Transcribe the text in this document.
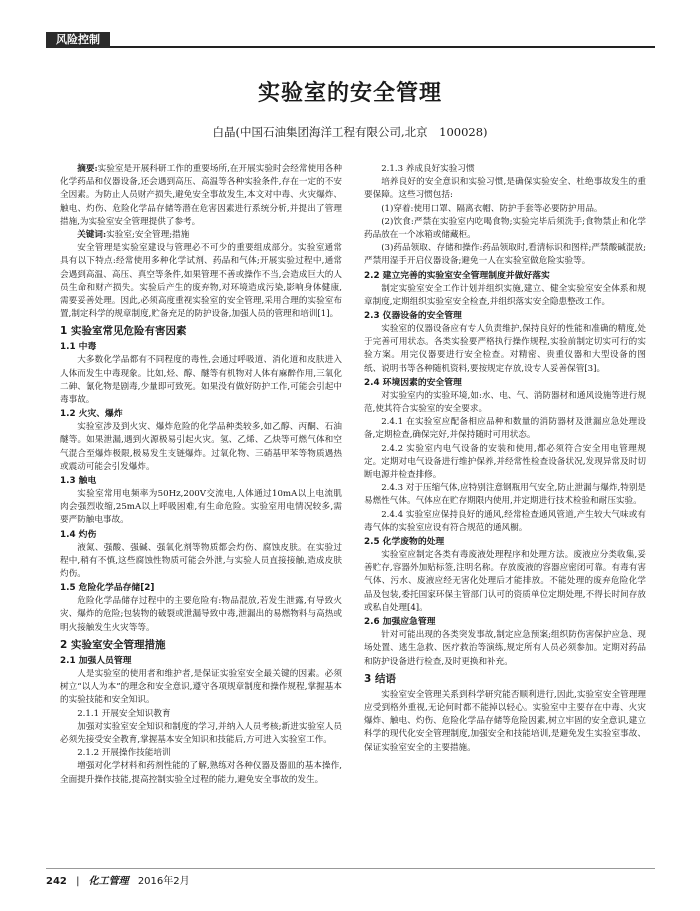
风险控制
实验室的安全管理
白晶(中国石油集团海洋工程有限公司,北京　100028)

摘要:实验室是开展科研工作的重要场所,在开展实验时会经常使用各种化学药品和仪器设备,还会遇到高压、高温等各种实验条件,存在一定的不安全因素。为防止人员财产损失,避免安全事故发生,本文对中毒、火灾爆炸、触电、灼伤、危险化学品存储等潜在危害因素进行系统分析,并提出了管理措施,为实验室安全管理提供了参考。

关键词:实验室;安全管理;措施

安全管理是实验室建设与管理必不可少的重要组成部分。实验室通常具有以下特点:经常使用多种化学试剂、药品和气体;开展实验过程中,通常会遇到高温、高压、真空等条件,如果管理不善或操作不当,会造成巨大的人员生命和财产损失。实验后产生的废弃物,对环境造成污染,影响身体健康,需要妥善处理。因此,必须高度重视实验室的安全管理,采用合理的实验室布置,制定科学的规章制度,贮备充足的防护设备,加强人员的管理和培训[1]。

1 实验室常见危险有害因素
1.1 中毒

大多数化学品都有不同程度的毒性,会通过呼吸道、消化道和皮肤进入人体而发生中毒现象。比如,烃、醇、醚等有机物对人体有麻醉作用,三氧化二砷、氰化物是剧毒,少量即可致死。如果没有做好防护工作,可能会引起中毒事故。

1.2 火灾、爆炸

实验室涉及到火灾、爆炸危险的化学品种类较多,如乙醇、丙酮、石油醚等。如果泄漏,遇到火源极易引起火灾。氢、乙烯、乙炔等可燃气体和空气混合至爆炸极限,极易发生支链爆炸。过氧化物、三硝基甲苯等物质遇热或震动可能会引发爆炸。

1.3 触电

实验室常用电频率为50Hz,200V交流电,人体通过10mA以上电流肌肉会强烈收缩,25mA以上呼吸困难,有生命危险。实验室用电情况较多,需要严防触电事故。

1.4 灼伤

液氮、强酸、强碱、强氧化剂等物质都会灼伤、腐蚀皮肤。在实验过程中,稍有不慎,这些腐蚀性物质可能会外泄,与实验人员直接接触,造成皮肤灼伤。

1.5 危险化学品存储[2]

危险化学品储存过程中的主要危险有:物品混放,若发生泄露,有导致火灾、爆炸的危险;包装物的破裂或泄漏导致中毒,泄漏出的易燃物料与高热或明火接触发生火灾等等。

2 实验室安全管理措施
2.1 加强人员管理

人是实验室的使用者和维护者,是保证实验室安全最关键的因素。必须树立“以人为本”的理念和安全意识,遵守各项规章制度和操作规程,掌握基本的实验技能和安全知识。

2.1.1 开展安全知识教育

加强对实验室安全知识和制度的学习,并纳入人员考核;新进实验室人员必须先接受安全教育,掌握基本安全知识和技能后,方可进入实验室工作。

2.1.2 开展操作技能培训

增强对化学材料和药剂性能的了解,熟练对各种仪器及器皿的基本操作,全面提升操作技能,提高控制实验全过程的能力,避免安全事故的发生。

2.1.3 养成良好实验习惯

培养良好的安全意识和实验习惯,是确保实验安全、杜绝事故发生的重要保障。这些习惯包括:

(1)穿着:使用口罩、隔离衣帽、防护手套等必要防护用品。

(2)饮食:严禁在实验室内吃喝食物;实验完毕后须洗手;食物禁止和化学药品放在一个冰箱或储藏柜。

(3)药品领取、存储和操作:药品领取时,看清标识和图样;严禁酸碱混放;严禁用湿手开启仪器设备;避免一人在实验室做危险实验等。

2.2 建立完善的实验室安全管理制度并做好落实

制定实验室安全工作计划并组织实施,建立、健全实验室安全体系和规章制度,定期组织实验室安全检查,并组织落实安全隐患整改工作。

2.3 仪器设备的安全管理

实验室的仪器设备应有专人负责维护,保持良好的性能和准确的精度,处于完善可用状态。各类实验要严格执行操作规程,实验前制定切实可行的实验方案。用完仪器要进行安全检查。对精密、贵重仪器和大型设备的图纸、说明书等各种随机资料,要按规定存放,设专人妥善保管[3]。

2.4 环境因素的安全管理

对实验室内的实验环境,如:水、电、气、消防器材和通风设施等进行规范,使其符合实验室的安全要求。

2.4.1 在实验室应配备相应品种和数量的消防器材及泄漏应急处理设备,定期检查,确保完好,并保持随时可用状态。

2.4.2 实验室内电气设备的安装和使用,都必须符合安全用电管理规定。定期对电气设备进行维护保养,并经常性检查设备状况,发现异常及时切断电源并检查排修。

2.4.3 对于压缩气体,应特别注意钢瓶用气安全,防止泄漏与爆炸,特别是易燃性气体。气体应在贮存期限内使用,并定期进行技术检验和耐压实验。

2.4.4 实验室应保持良好的通风,经常检查通风管道,产生较大气味或有毒气体的实验室应设有符合规范的通风橱。

2.5 化学废物的处理

实验室应制定各类有毒废液处理程序和处理方法。废液应分类收集,妥善贮存,容器外加贴标签,注明名称。存放废液的容器应密闭可靠。有毒有害气体、污水、废液应经无害化处理后才能排放。不能处理的废弃危险化学品及包装,委托国家环保主管部门认可的资质单位定期处理,不得长时间存放或私自处理[4]。

2.6 加强应急管理

针对可能出现的各类突发事故,制定应急预案;组织防伤害保护应急、现场处置、逃生急救、医疗救治等演练,规定所有人员必须参加。定期对药品和防护设备进行检查,及时更换和补充。

3 结语

实验室安全管理关系到科学研究能否顺利进行,因此,实验室安全管理理应受到格外重视,无论何时都不能掉以轻心。实验室中主要存在中毒、火灾爆炸、触电、灼伤、危险化学品存储等危险因素,树立牢固的安全意识,建立科学的现代化安全管理制度,加强安全和技能培训,是避免发生实验室事故、保证实验室安全的主要措施。

242 | 化工管理 2016年2月
